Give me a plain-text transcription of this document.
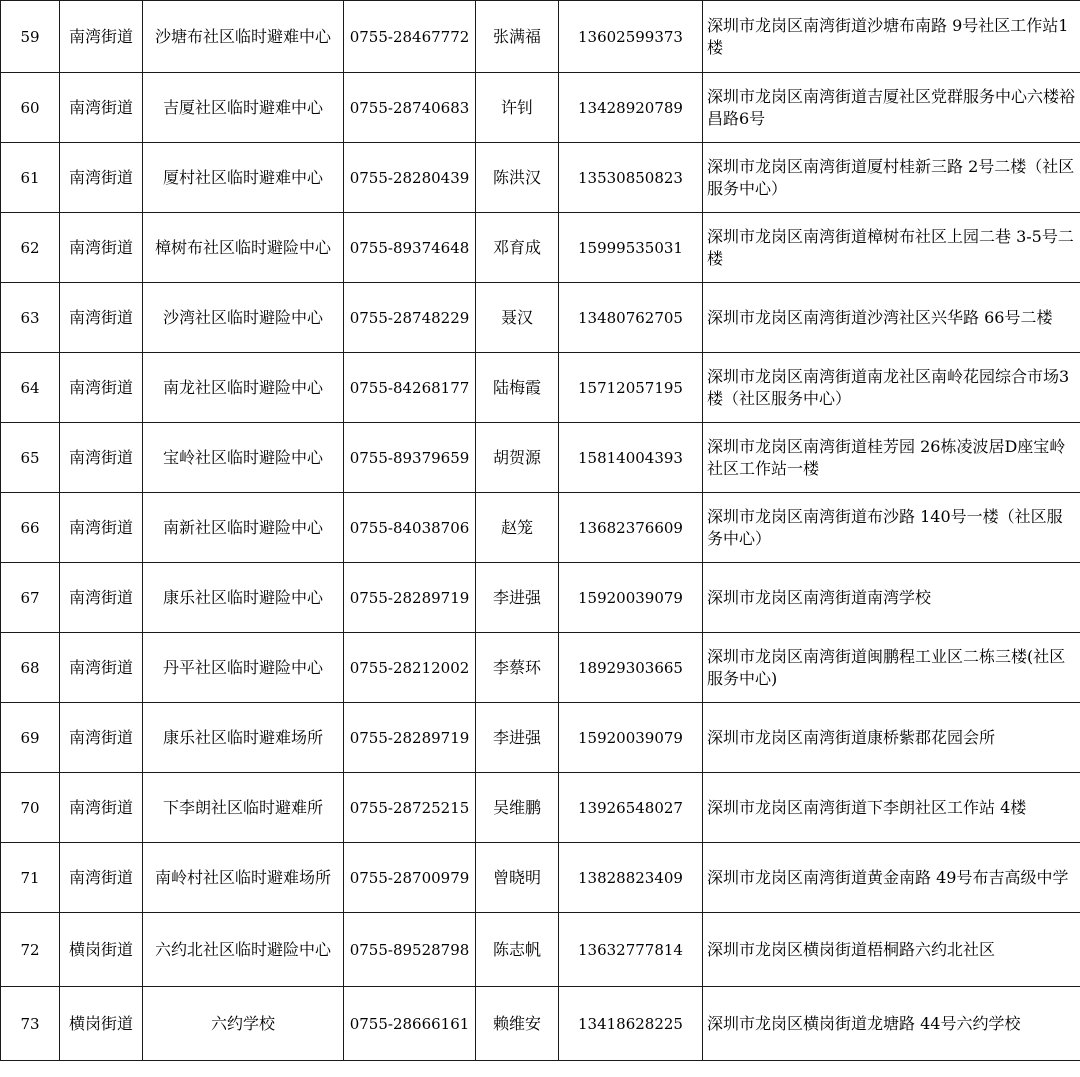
59	南湾街道	沙塘布社区临时避难中心	0755-28467772	张满福	13602599373	深圳市龙岗区南湾街道沙塘布南路 9号社区工作站1楼
60	南湾街道	吉厦社区临时避难中心	0755-28740683	许钊	13428920789	深圳市龙岗区南湾街道吉厦社区党群服务中心六楼裕昌路6号
61	南湾街道	厦村社区临时避难中心	0755-28280439	陈洪汉	13530850823	深圳市龙岗区南湾街道厦村桂新三路 2号二楼（社区服务中心）
62	南湾街道	樟树布社区临时避险中心	0755-89374648	邓育成	15999535031	深圳市龙岗区南湾街道樟树布社区上园二巷 3-5号二楼
63	南湾街道	沙湾社区临时避险中心	0755-28748229	聂汉	13480762705	深圳市龙岗区南湾街道沙湾社区兴华路 66号二楼
64	南湾街道	南龙社区临时避险中心	0755-84268177	陆梅霞	15712057195	深圳市龙岗区南湾街道南龙社区南岭花园综合市场3楼（社区服务中心）
65	南湾街道	宝岭社区临时避险中心	0755-89379659	胡贺源	15814004393	深圳市龙岗区南湾街道桂芳园 26栋凌波居D座宝岭社区工作站一楼
66	南湾街道	南新社区临时避险中心	0755-84038706	赵笼	13682376609	深圳市龙岗区南湾街道布沙路 140号一楼（社区服务中心）
67	南湾街道	康乐社区临时避险中心	0755-28289719	李进强	15920039079	深圳市龙岗区南湾街道南湾学校
68	南湾街道	丹平社区临时避险中心	0755-28212002	李蔡环	18929303665	深圳市龙岗区南湾街道闽鹏程工业区二栋三楼(社区服务中心)
69	南湾街道	康乐社区临时避难场所	0755-28289719	李进强	15920039079	深圳市龙岗区南湾街道康桥紫郡花园会所
70	南湾街道	下李朗社区临时避难所	0755-28725215	吴维鹏	13926548027	深圳市龙岗区南湾街道下李朗社区工作站 4楼
71	南湾街道	南岭村社区临时避难场所	0755-28700979	曾晓明	13828823409	深圳市龙岗区南湾街道黄金南路 49号布吉高级中学
72	横岗街道	六约北社区临时避险中心	0755-89528798	陈志帆	13632777814	深圳市龙岗区横岗街道梧桐路六约北社区
73	横岗街道	六约学校	0755-28666161	赖维安	13418628225	深圳市龙岗区横岗街道龙塘路 44号六约学校
